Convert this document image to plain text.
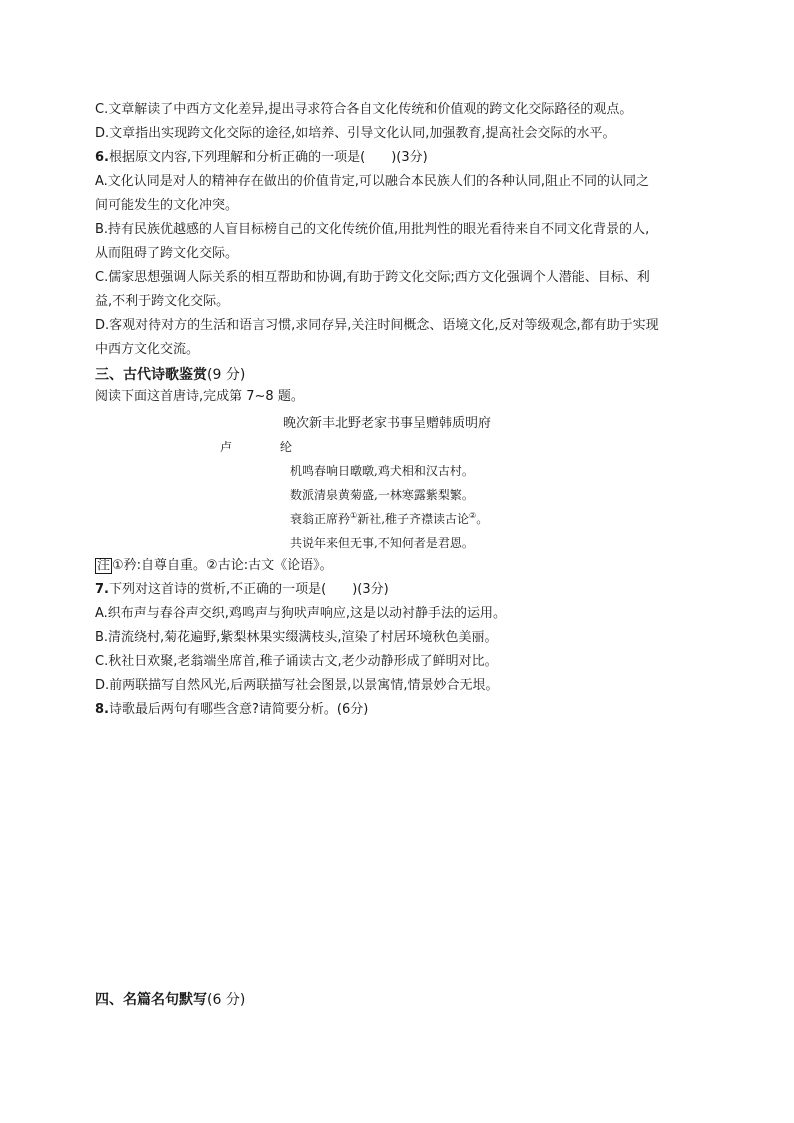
C.文章解读了中西方文化差异,提出寻求符合各自文化传统和价值观的跨文化交际路径的观点。
D.文章指出实现跨文化交际的途径,如培养、引导文化认同,加强教育,提高社会交际的水平。
6.根据原文内容,下列理解和分析正确的一项是(　　)(3分)
A.文化认同是对人的精神存在做出的价值肯定,可以融合本民族人们的各种认同,阻止不同的认同之
间可能发生的文化冲突。
B.持有民族优越感的人盲目标榜自己的文化传统价值,用批判性的眼光看待来自不同文化背景的人,
从而阻碍了跨文化交际。
C.儒家思想强调人际关系的相互帮助和协调,有助于跨文化交际;西方文化强调个人潜能、目标、利
益,不利于跨文化交际。
D.客观对待对方的生活和语言习惯,求同存异,关注时间概念、语境文化,反对等级观念,都有助于实现
中西方文化交流。
三、古代诗歌鉴赏(9 分)
阅读下面这首唐诗,完成第 7~8 题。
晚次新丰北野老家书事呈赠韩质明府
卢　纶
机鸣春响日暾暾,鸡犬相和汉古村。
数派清泉黄菊盛,一林寒露紫梨繁。
衰翁正席矜①新社,稚子齐襟读古论②。
共说年来但无事,不知何者是君恩。
注 ①矜:自尊自重。②古论:古文《论语》。
7.下列对这首诗的赏析,不正确的一项是(　　)(3分)
A.织布声与春谷声交织,鸡鸣声与狗吠声响应,这是以动衬静手法的运用。
B.清流绕村,菊花遍野,紫梨林果实缀满枝头,渲染了村居环境秋色美丽。
C.秋社日欢聚,老翁端坐席首,稚子诵读古文,老少动静形成了鲜明对比。
D.前两联描写自然风光,后两联描写社会图景,以景寓情,情景妙合无垠。
8.诗歌最后两句有哪些含意?请简要分析。(6分)
四、名篇名句默写(6 分)
